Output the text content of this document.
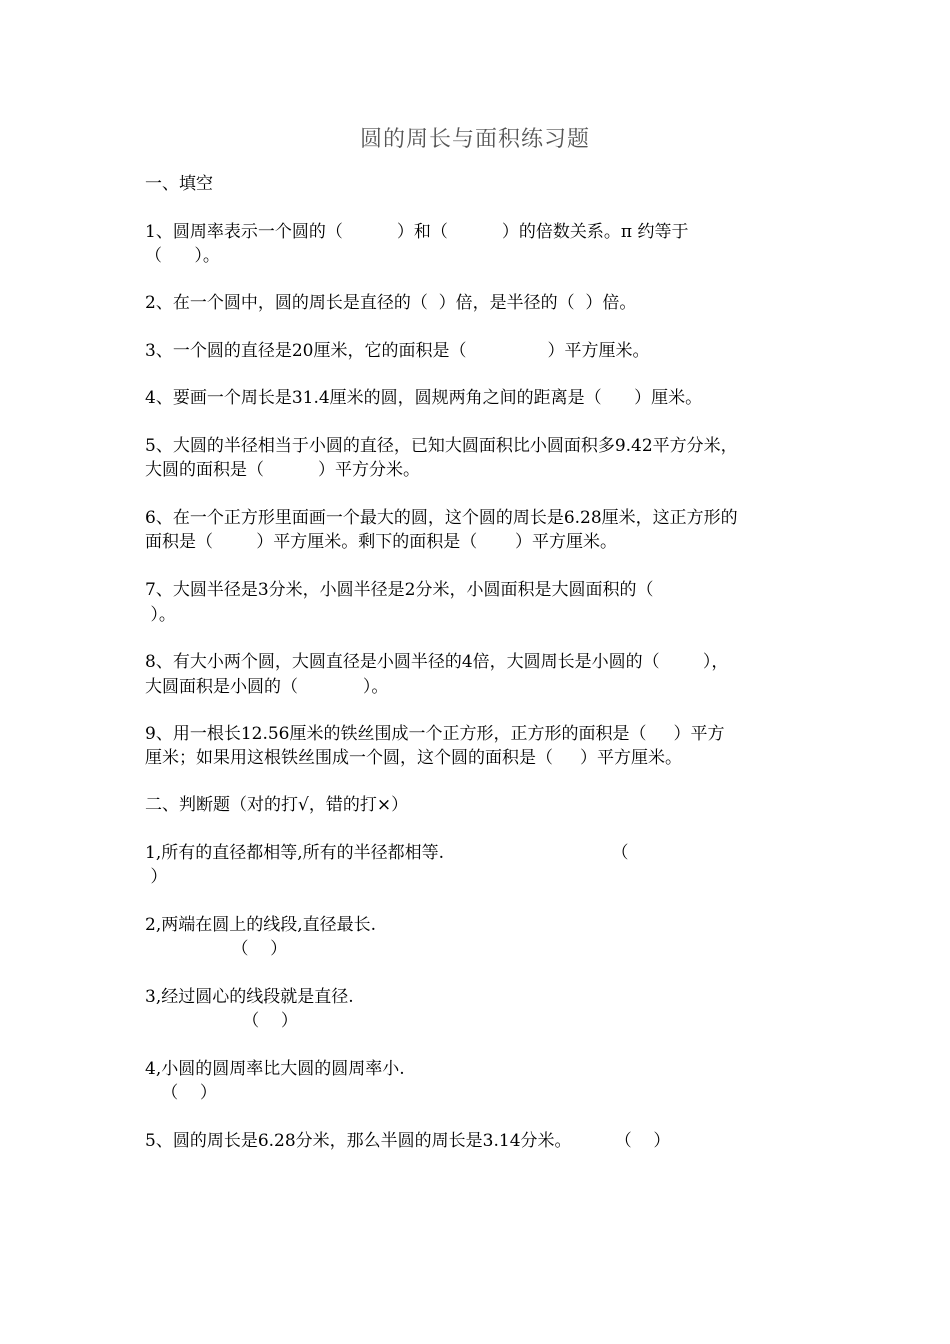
圆的周长与面积练习题
一、填空
1、圆周率表示一个圆的（          ）和（          ）的倍数关系。π 约等于
（      ）。
2、在一个圆中，圆的周长是直径的（  ）倍，是半径的（  ）倍。
3、一个圆的直径是20厘米，它的面积是（               ）平方厘米。
4、要画一个周长是31.4厘米的圆，圆规两角之间的距离是（      ）厘米。
5、大圆的半径相当于小圆的直径，已知大圆面积比小圆面积多9.42平方分米，
大圆的面积是（          ）平方分米。
6、在一个正方形里面画一个最大的圆，这个圆的周长是6.28厘米，这正方形的
面积是（        ）平方厘米。剩下的面积是（       ）平方厘米。
7、大圆半径是3分米，小圆半径是2分米，小圆面积是大圆面积的（
）。
8、有大小两个圆，大圆直径是小圆半径的4倍，大圆周长是小圆的（        ），
大圆面积是小圆的（            ）。
9、用一根长12.56厘米的铁丝围成一个正方形，正方形的面积是（     ）平方
厘米；如果用这根铁丝围成一个圆，这个圆的面积是（     ）平方厘米。
二、判断题（对的打√，错的打×）
1,所有的直径都相等,所有的半径都相等.                               （
）
2,两端在圆上的线段,直径最长.
（    ）
3,经过圆心的线段就是直径.
（    ）
4,小圆的圆周率比大圆的圆周率小.
（    ）
5、圆的周长是6.28分米，那么半圆的周长是3.14分米。        （    ）
